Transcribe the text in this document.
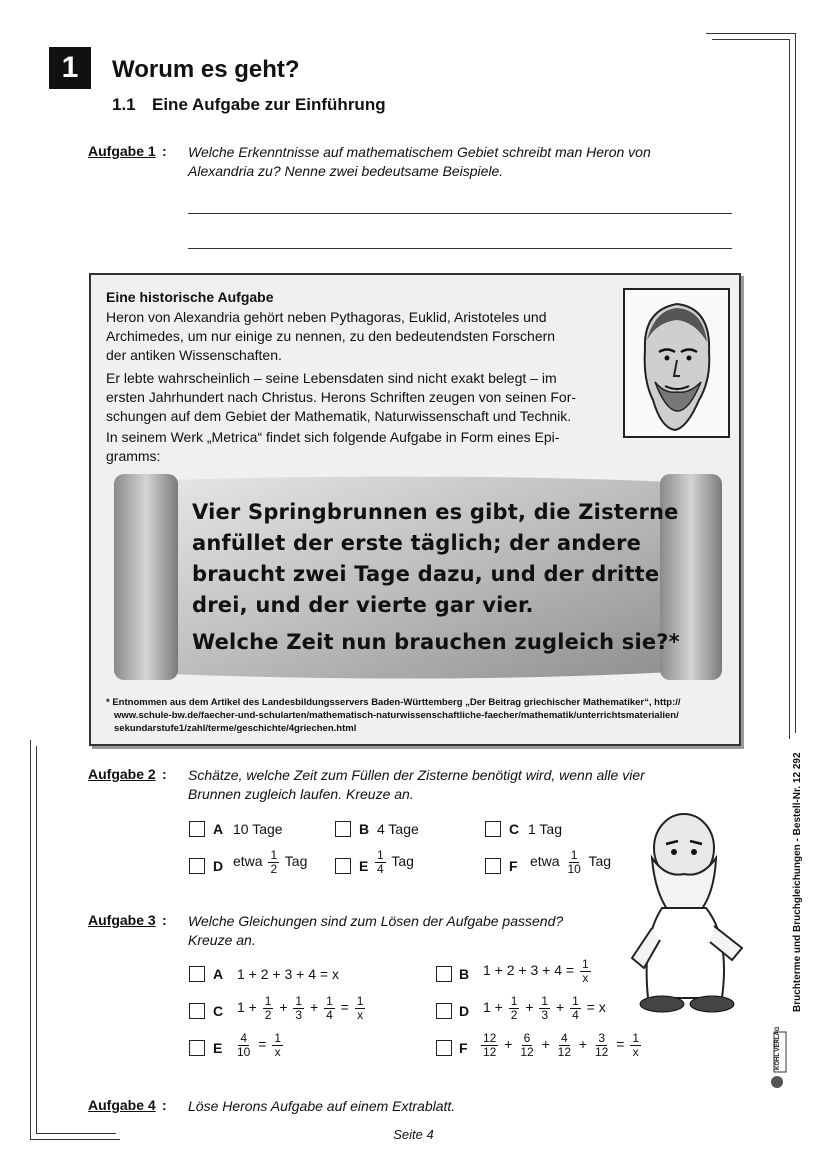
1	Worum es geht?
1.1 Eine Aufgabe zur Einführung
Aufgabe 1 : Welche Erkenntnisse auf mathematischem Gebiet schreibt man Heron von
Alexandria zu? Nenne zwei bedeutsame Beispiele.
Eine historische Aufgabe
Heron von Alexandria gehört neben Pythagoras, Euklid, Aristoteles und
Archimedes, um nur einige zu nennen, zu den bedeutendsten Forschern
der antiken Wissenschaften.
Er lebte wahrscheinlich – seine Lebensdaten sind nicht exakt belegt – im
ersten Jahrhundert nach Christus. Herons Schriften zeugen von seinen For-
schungen auf dem Gebiet der Mathematik, Naturwissenschaft und Technik.
In seinem Werk „Metrica“ findet sich folgende Aufgabe in Form eines Epi-
gramms:
Vier Springbrunnen es gibt, die Zisterne
anfüllet der erste täglich; der andere
braucht zwei Tage dazu, und der dritte
drei, und der vierte gar vier.
Welche Zeit nun brauchen zugleich sie?*
* Entnommen aus dem Artikel des Landesbildungsservers Baden-Württemberg „Der Beitrag griechischer Mathematiker“, http://
www.schule-bw.de/faecher-und-schularten/mathematisch-naturwissenschaftliche-faecher/mathematik/unterrichtsmaterialien/
sekundarstufe1/zahl/terme/geschichte/4griechen.html
Aufgabe 2 : Schätze, welche Zeit zum Füllen der Zisterne benötigt wird, wenn alle vier
Brunnen zugleich laufen. Kreuze an.
A 10 Tage	B 4 Tage	C 1 Tag
D etwa $\frac{1}{2}$ Tag	E $\frac{1}{4}$ Tag	F etwa $\frac{1}{10}$ Tag
Aufgabe 3 : Welche Gleichungen sind zum Lösen der Aufgabe passend?
Kreuze an.
A 1 + 2 + 3 + 4 = x	B $1 + 2 + 3 + 4 = \frac{1}{x}$
C $1 + \frac{1}{2} + \frac{1}{3} + \frac{1}{4} = \frac{1}{x}$	D $1 + \frac{1}{2} + \frac{1}{3} + \frac{1}{4} = x$
E $\frac{4}{10} = \frac{1}{x}$	F $\frac{12}{12} + \frac{6}{12} + \frac{4}{12} + \frac{3}{12} = \frac{1}{x}$
Aufgabe 4 : Löse Herons Aufgabe auf einem Extrablatt.
Bruchterme und Bruchgleichungen - Bestell-Nr. 12 292
KOHL VERLAG
Seite 4
